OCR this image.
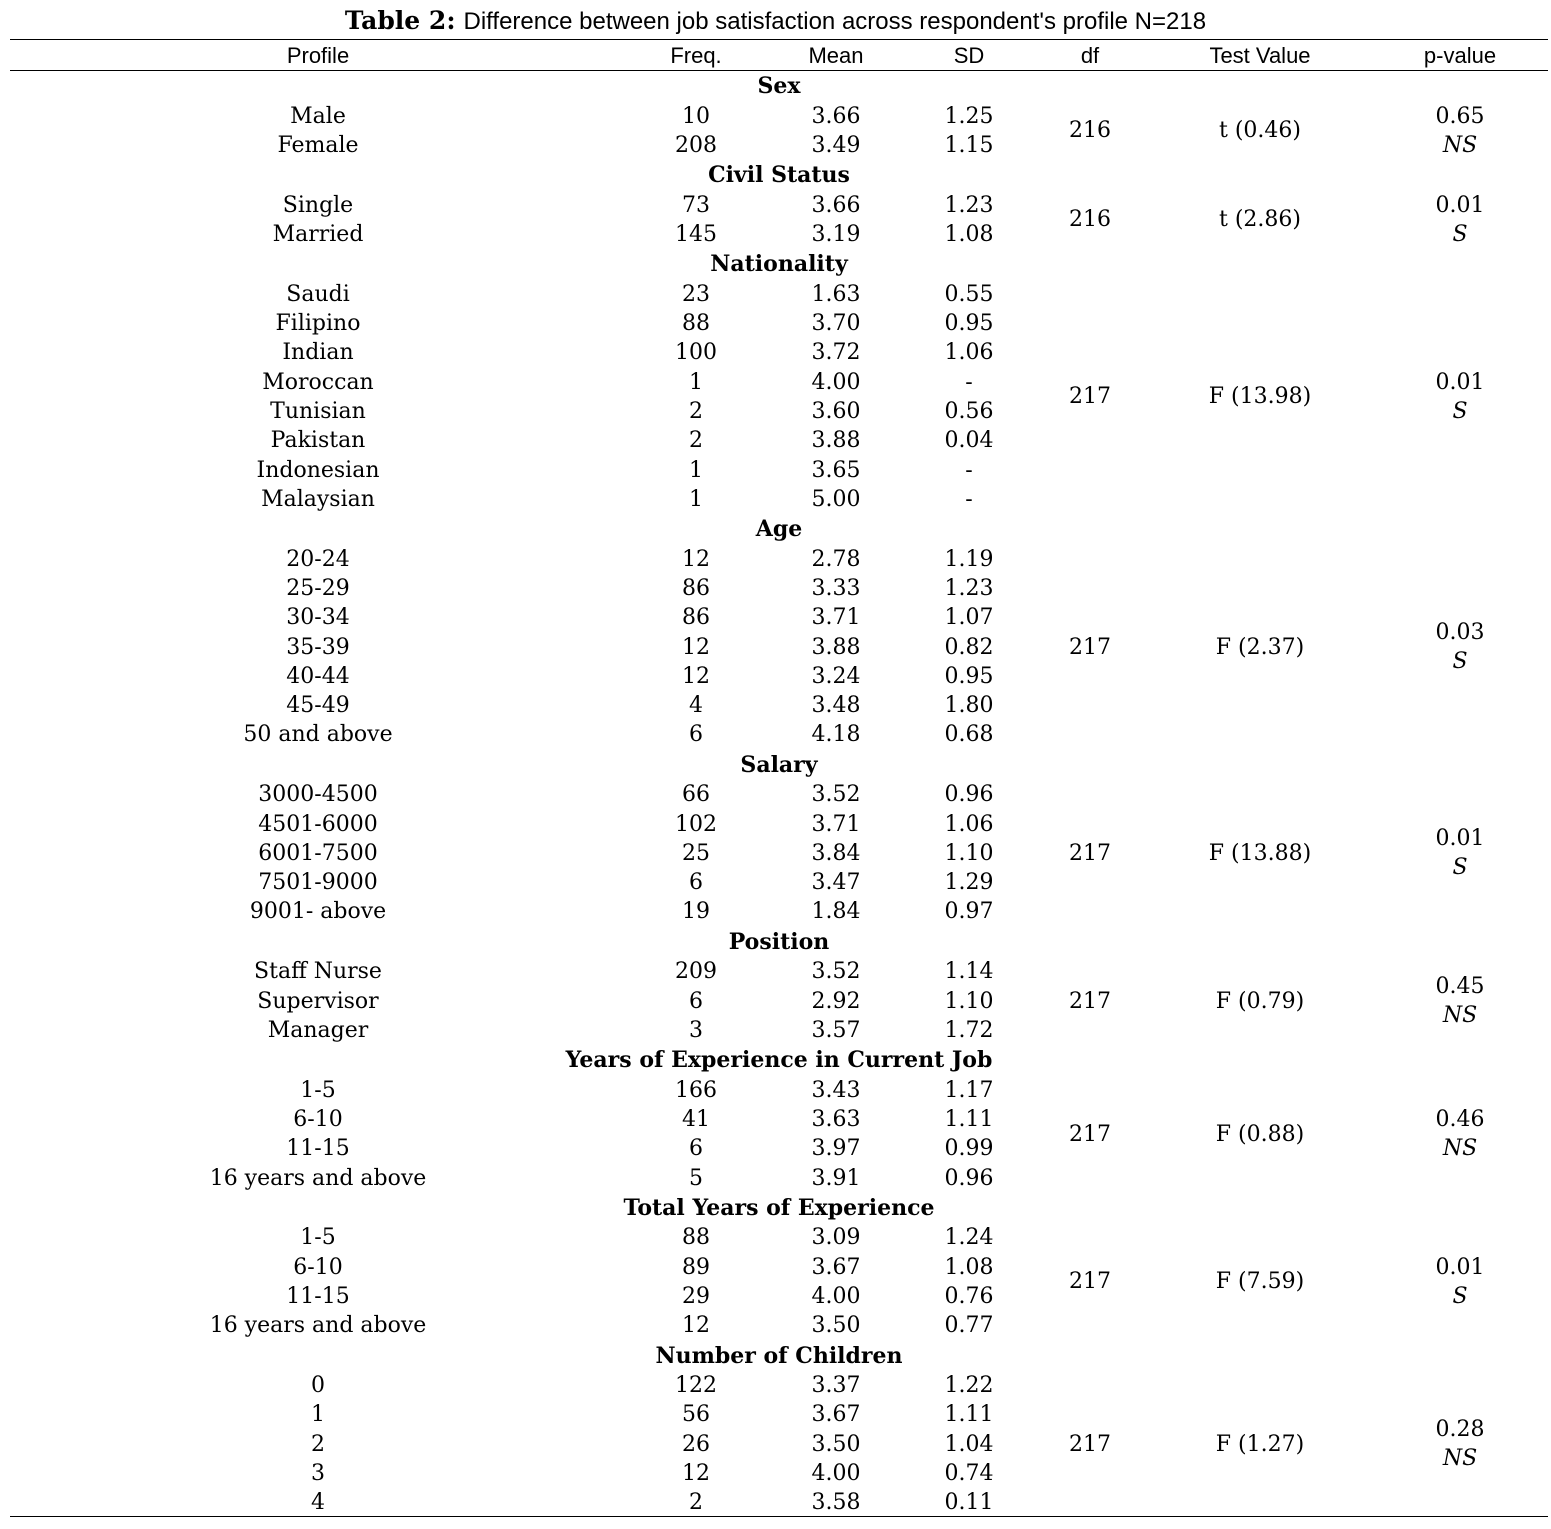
Table 2: Difference between job satisfaction across respondent's profile N=218
Profile	Freq.	Mean	SD	df	Test Value	p-value
Sex
Male	10	3.66	1.25
Female	208	3.49	1.15
216	t (0.46)
0.65
NS
Civil Status
Single	73	3.66	1.23
Married	145	3.19	1.08
216	t (2.86)
0.01
S
Nationality
Saudi	23	1.63	0.55
Filipino	88	3.70	0.95
Indian	100	3.72	1.06
Moroccan	1	4.00	-
Tunisian	2	3.60	0.56
Pakistan	2	3.88	0.04
Indonesian	1	3.65	-
Malaysian	1	5.00	-
217	F (13.98)
0.01
S
Age
20-24	12	2.78	1.19
25-29	86	3.33	1.23
30-34	86	3.71	1.07
35-39	12	3.88	0.82
40-44	12	3.24	0.95
45-49	4	3.48	1.80
50 and above	6	4.18	0.68
217	F (2.37)
0.03
S
Salary
3000-4500	66	3.52	0.96
4501-6000	102	3.71	1.06
6001-7500	25	3.84	1.10
7501-9000	6	3.47	1.29
9001- above	19	1.84	0.97
217	F (13.88)
0.01
S
Position
Staff Nurse	209	3.52	1.14
Supervisor	6	2.92	1.10
Manager	3	3.57	1.72
217	F (0.79)
0.45
NS
Years of Experience in Current Job
1-5	166	3.43	1.17
6-10	41	3.63	1.11
11-15	6	3.97	0.99
16 years and above	5	3.91	0.96
217	F (0.88)
0.46
NS
Total Years of Experience
1-5	88	3.09	1.24
6-10	89	3.67	1.08
11-15	29	4.00	0.76
16 years and above	12	3.50	0.77
217	F (7.59)
0.01
S
Number of Children
0	122	3.37	1.22
1	56	3.67	1.11
2	26	3.50	1.04
3	12	4.00	0.74
4	2	3.58	0.11
217	F (1.27)
0.28
NS
